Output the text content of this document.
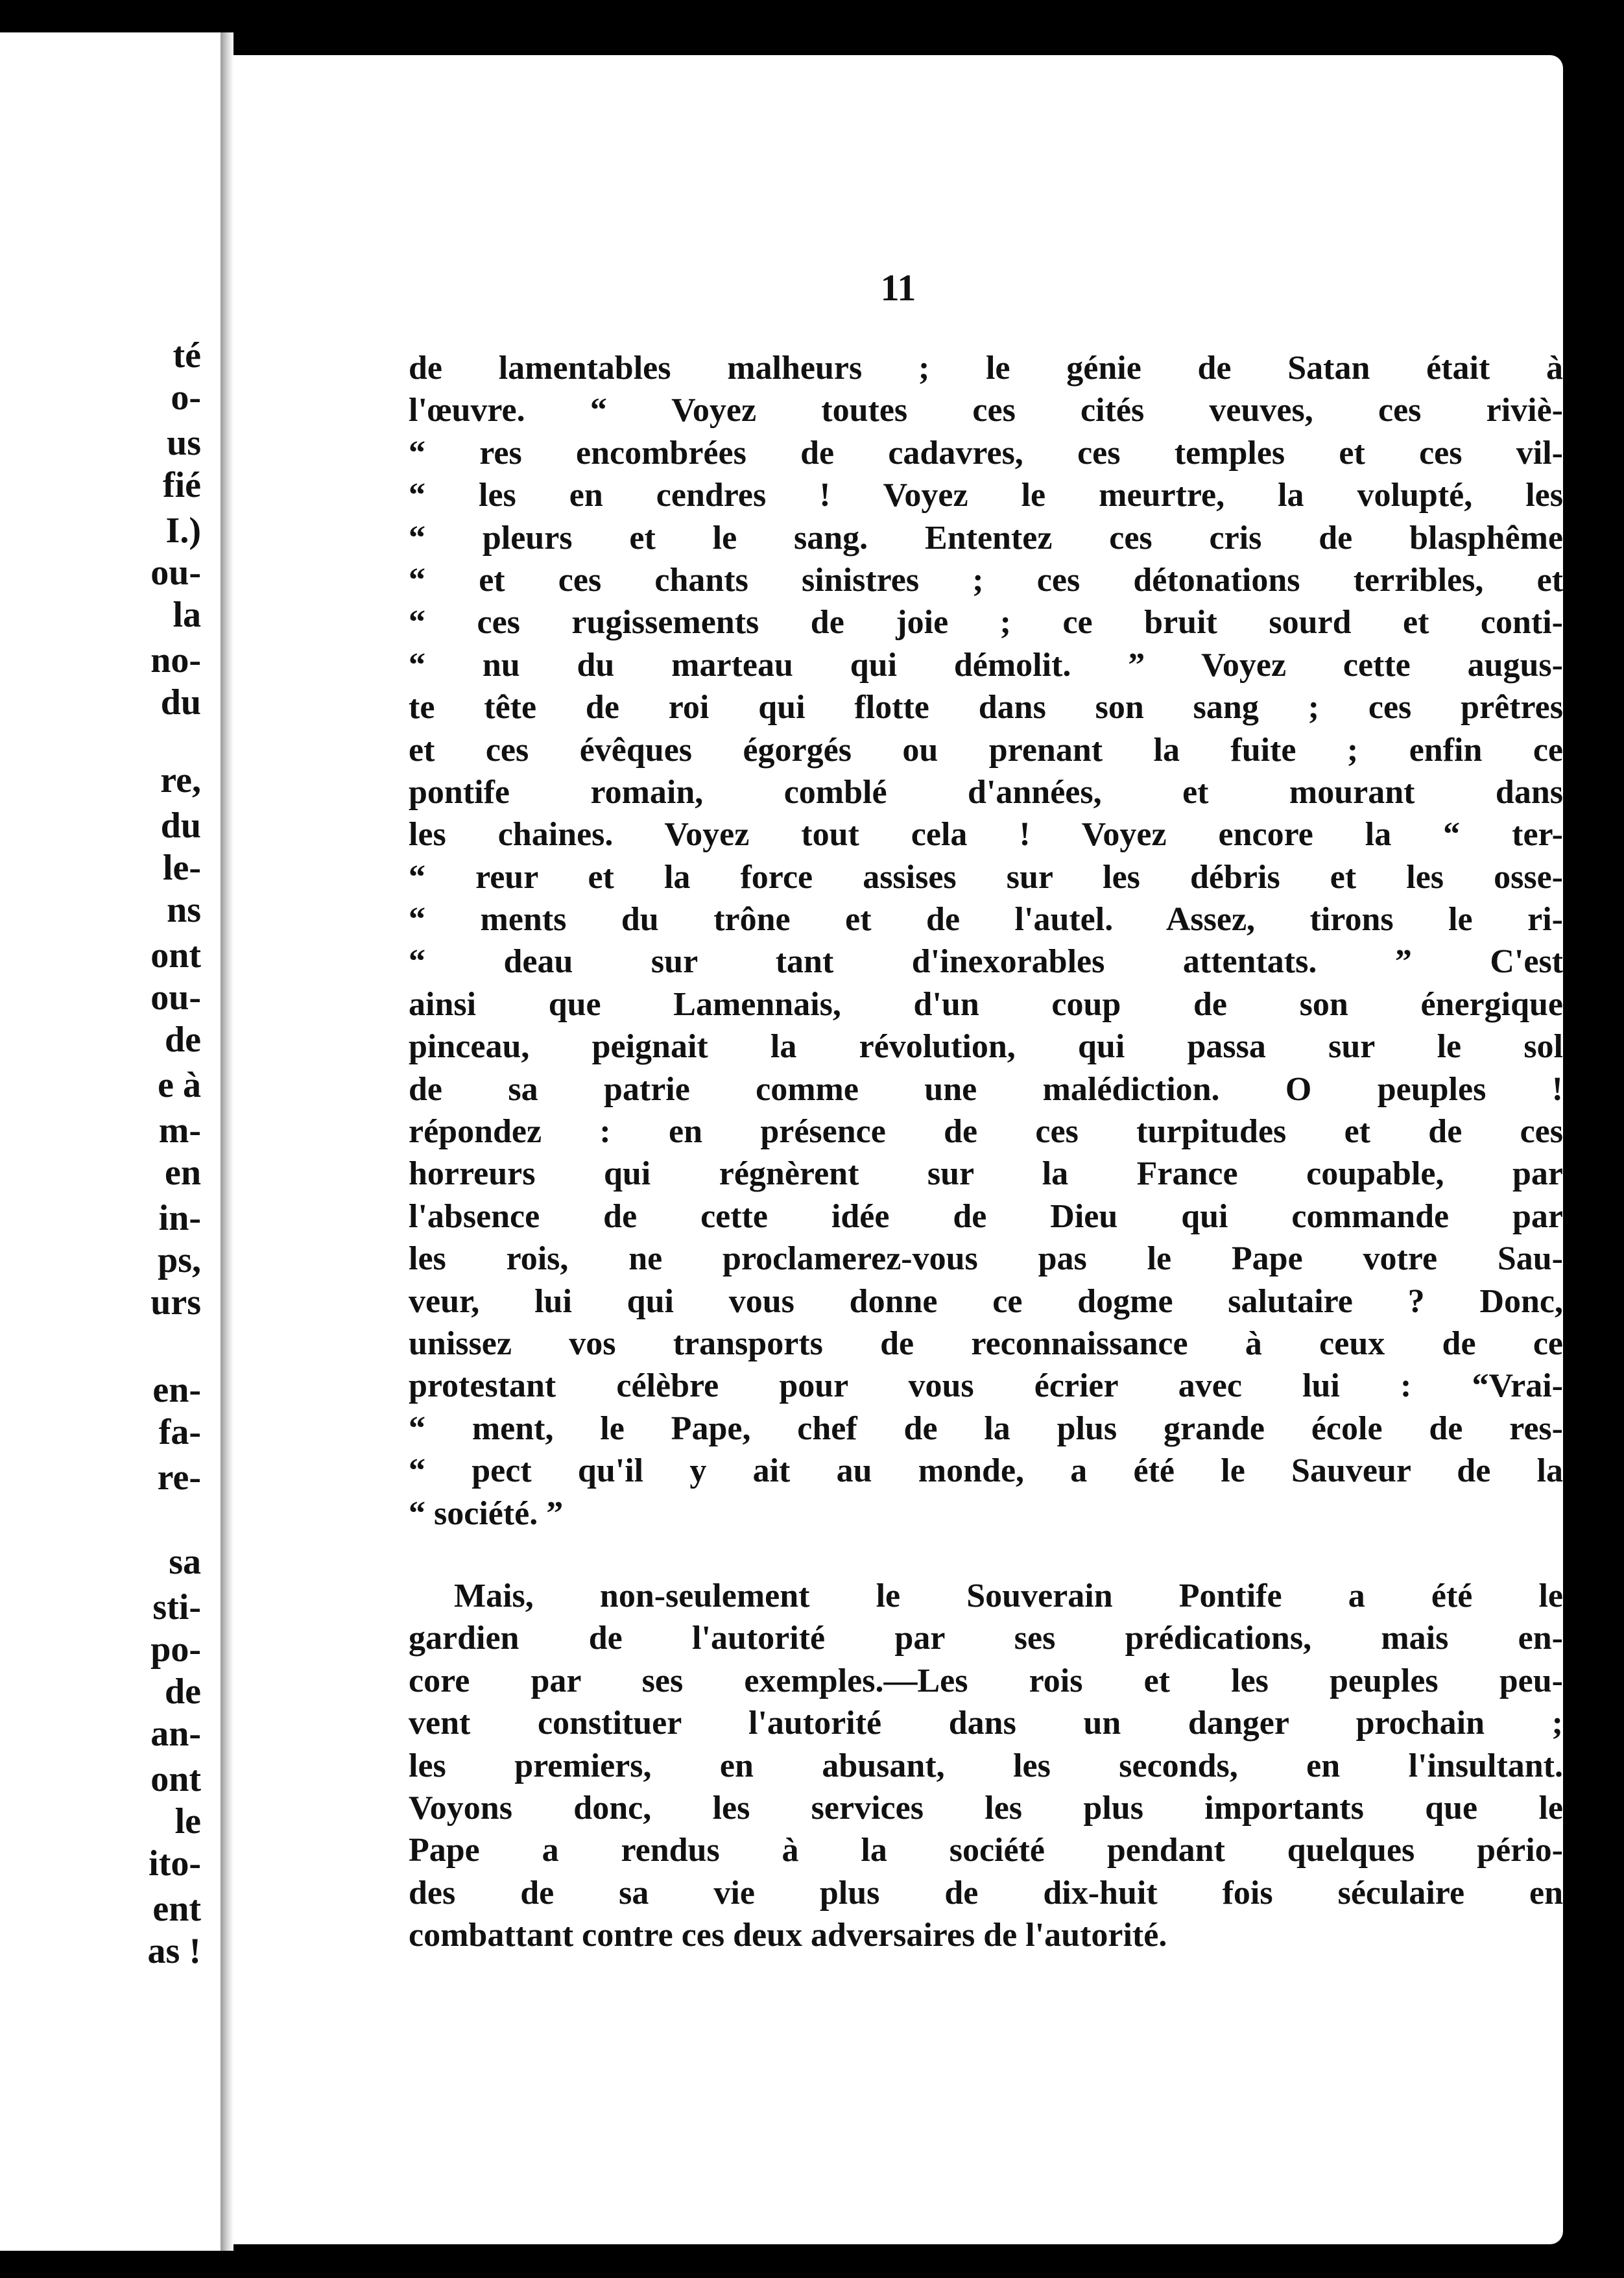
té
o-
us
fié
I.)
ou-
la
no-
du
re,
du
le-
ns
ont
ou-
de
e à
m-
en
in-
ps,
urs
en-
fa-
re-
sa
sti-
po-
de
an-
ont
le
ito-
ent
as !
11
de lamentables malheurs ; le génie de Satan était à
l'œuvre. “ Voyez toutes ces cités veuves, ces riviè-
“ res encombrées de cadavres, ces temples et ces vil-
“ les en cendres ! Voyez le meurtre, la volupté, les
“ pleurs et le sang. Ententez ces cris de blasphême
“ et ces chants sinistres ; ces détonations terribles, et
“ ces rugissements de joie ; ce bruit sourd et conti-
“ nu du marteau qui démolit. ” Voyez cette augus-
te tête de roi qui flotte dans son sang ; ces prêtres
et ces évêques égorgés ou prenant la fuite ; enfin ce
pontife romain, comblé d'années, et mourant dans
les chaines. Voyez tout cela ! Voyez encore la “ ter-
“ reur et la force assises sur les débris et les osse-
“ ments du trône et de l'autel. Assez, tirons le ri-
“ deau sur tant d'inexorables attentats. ” C'est
ainsi que Lamennais, d'un coup de son énergique
pinceau, peignait la révolution, qui passa sur le sol
de sa patrie comme une malédiction. O peuples !
répondez : en présence de ces turpitudes et de ces
horreurs qui régnèrent sur la France coupable, par
l'absence de cette idée de Dieu qui commande par
les rois, ne proclamerez-vous pas le Pape votre Sau-
veur, lui qui vous donne ce dogme salutaire ? Donc,
unissez vos transports de reconnaissance à ceux de ce
protestant célèbre pour vous écrier avec lui : “Vrai-
“ ment, le Pape, chef de la plus grande école de res-
“ pect qu'il y ait au monde, a été le Sauveur de la
“ société. ”
Mais, non-seulement le Souverain Pontife a été le
gardien de l'autorité par ses prédications, mais en-
core par ses exemples.—Les rois et les peuples peu-
vent constituer l'autorité dans un danger prochain ;
les premiers, en abusant, les seconds, en l'insultant.
Voyons donc, les services les plus importants que le
Pape a rendus à la société pendant quelques pério-
des de sa vie plus de dix-huit fois séculaire en
combattant contre ces deux adversaires de l'autorité.
